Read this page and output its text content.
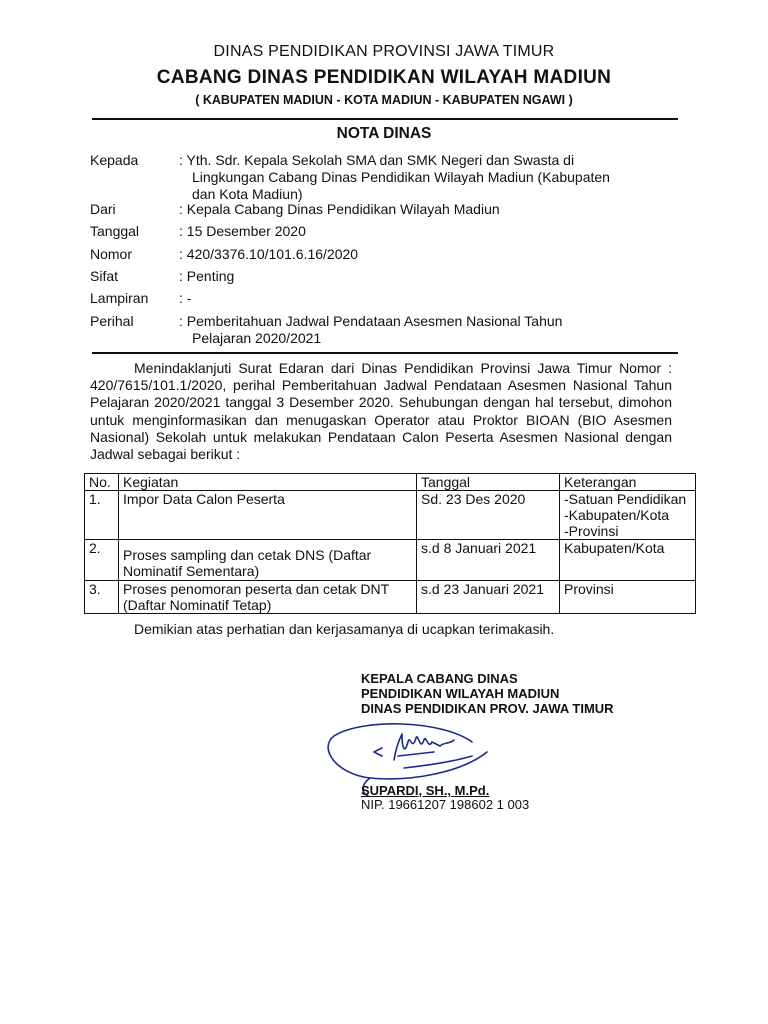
DINAS PENDIDIKAN PROVINSI JAWA TIMUR
CABANG DINAS PENDIDIKAN WILAYAH MADIUN
( KABUPATEN MADIUN - KOTA MADIUN - KABUPATEN NGAWI )
NOTA DINAS
Kepada	: Yth. Sdr. Kepala Sekolah SMA dan SMK Negeri dan Swasta di
Lingkungan Cabang Dinas Pendidikan Wilayah Madiun (Kabupaten
dan Kota Madiun)
Dari	: Kepala Cabang Dinas Pendidikan Wilayah Madiun
Tanggal	: 15 Desember 2020
Nomor	: 420/3376.10/101.6.16/2020
Sifat	: Penting
Lampiran : -
Perihal	: Pemberitahuan Jadwal Pendataan Asesmen Nasional Tahun
Pelajaran 2020/2021
Menindaklanjuti Surat Edaran dari Dinas Pendidikan Provinsi Jawa Timur Nomor : 420/7615/101.1/2020, perihal Pemberitahuan Jadwal Pendataan Asesmen Nasional Tahun Pelajaran 2020/2021 tanggal 3 Desember 2020. Sehubungan dengan hal tersebut, dimohon untuk menginformasikan dan menugaskan Operator atau Proktor BIOAN (BIO Asesmen Nasional) Sekolah untuk melakukan Pendataan Calon Peserta Asesmen Nasional dengan Jadwal sebagai berikut :
No.	Kegiatan	Tanggal	Keterangan
1.	Impor Data Calon Peserta	Sd. 23 Des 2020	-Satuan Pendidikan
-Kabupaten/Kota
-Provinsi

2.	Proses sampling dan cetak DNS (Daftar
Nominatif Sementara)	s.d 8 Januari 2021	Kabupaten/Kota
3.	Proses penomoran peserta dan cetak DNT
(Daftar Nominatif Tetap)	s.d 23 Januari 2021	Provinsi
Demikian atas perhatian dan kerjasamanya di ucapkan terimakasih.
KEPALA CABANG DINAS
PENDIDIKAN WILAYAH MADIUN
DINAS PENDIDIKAN PROV. JAWA TIMUR
SUPARDI, SH., M.Pd.
NIP. 19661207 198602 1 003
